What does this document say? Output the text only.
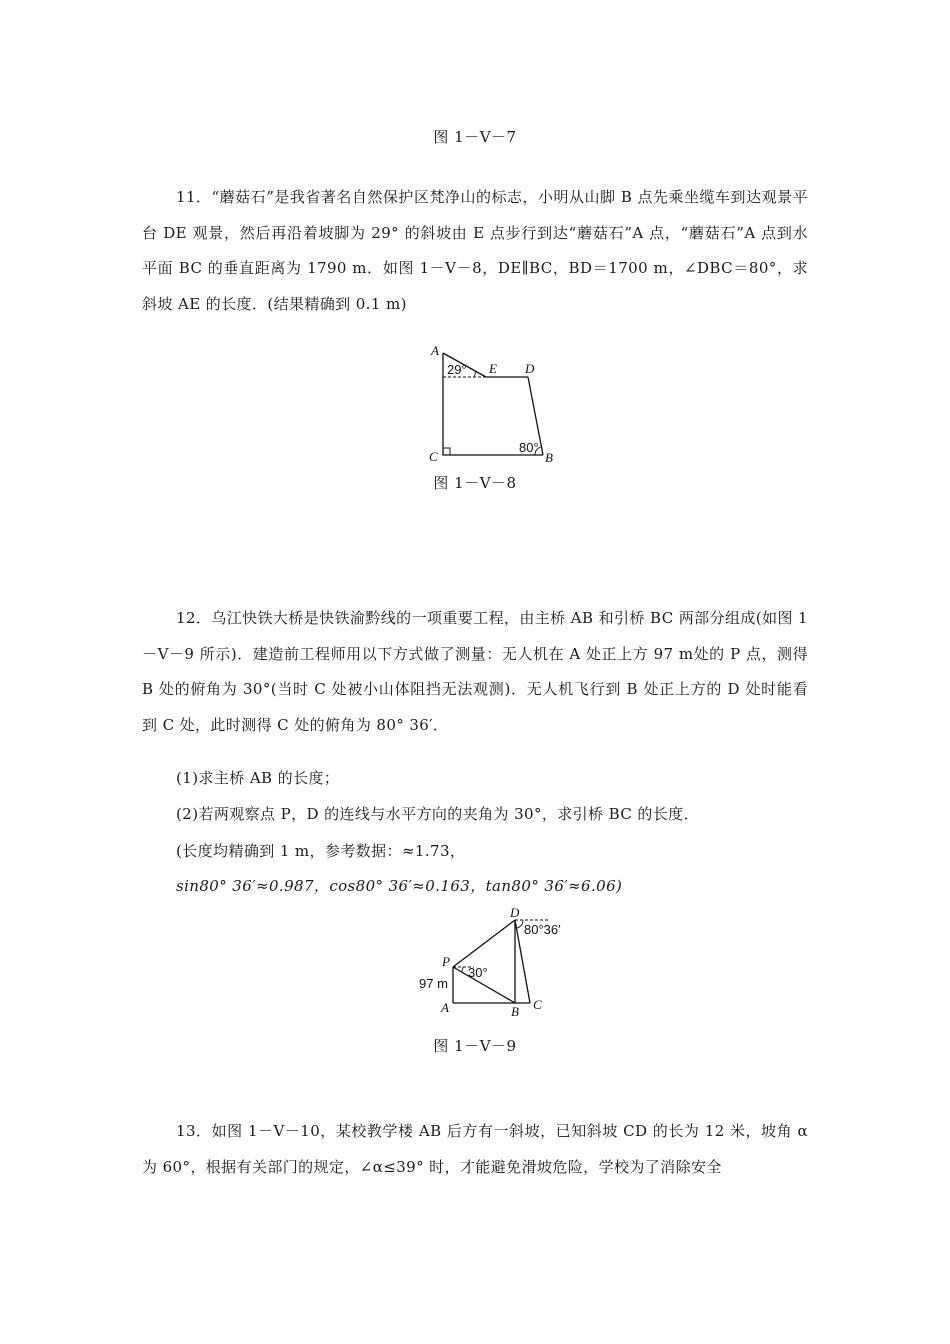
图 1－Ⅴ－7

11．“蘑菇石”是我省著名自然保护区梵净山的标志，小明从山脚 B 点先乘坐缆车到达观景平台 DE 观景，然后再沿着坡脚为 29° 的斜坡由 E 点步行到达“蘑菇石”A 点，“蘑菇石”A 点到水平面 BC 的垂直距离为 1790 m．如图 1－Ⅴ－8，DE∥BC，BD＝1700 m，∠DBC＝80°，求斜坡 AE 的长度．(结果精确到 0.1 m)

A
E D
C	B
29°
80°
图 1－Ⅴ－8

12．乌江快铁大桥是快铁渝黔线的一项重要工程，由主桥 AB 和引桥 BC 两部分组成(如图 1－Ⅴ－9 所示)．建造前工程师用以下方式做了测量：无人机在 A 处正上方 97 m处的 P 点，测得 B 处的俯角为 30°(当时 C 处被小山体阻挡无法观测)．无人机飞行到 B 处正上方的 D 处时能看到 C 处，此时测得 C 处的俯角为 80° 36′．

(1)求主桥 AB 的长度；
(2)若两观察点 P，D 的连线与水平方向的夹角为 30°，求引桥 BC 的长度．
(长度均精确到 1 m，参考数据：≈1.73，
sin80° 36′≈0.987，cos80° 36′≈0.163，tan80° 36′≈6.06)
D
P
A	B C
80°36′
30°
97 m
图 1－Ⅴ－9

13．如图 1－Ⅴ－10，某校教学楼 AB 后方有一斜坡，已知斜坡 CD 的长为 12 米，坡角 α 为 60°，根据有关部门的规定，∠α≤39° 时，才能避免滑坡危险，学校为了消除安全
